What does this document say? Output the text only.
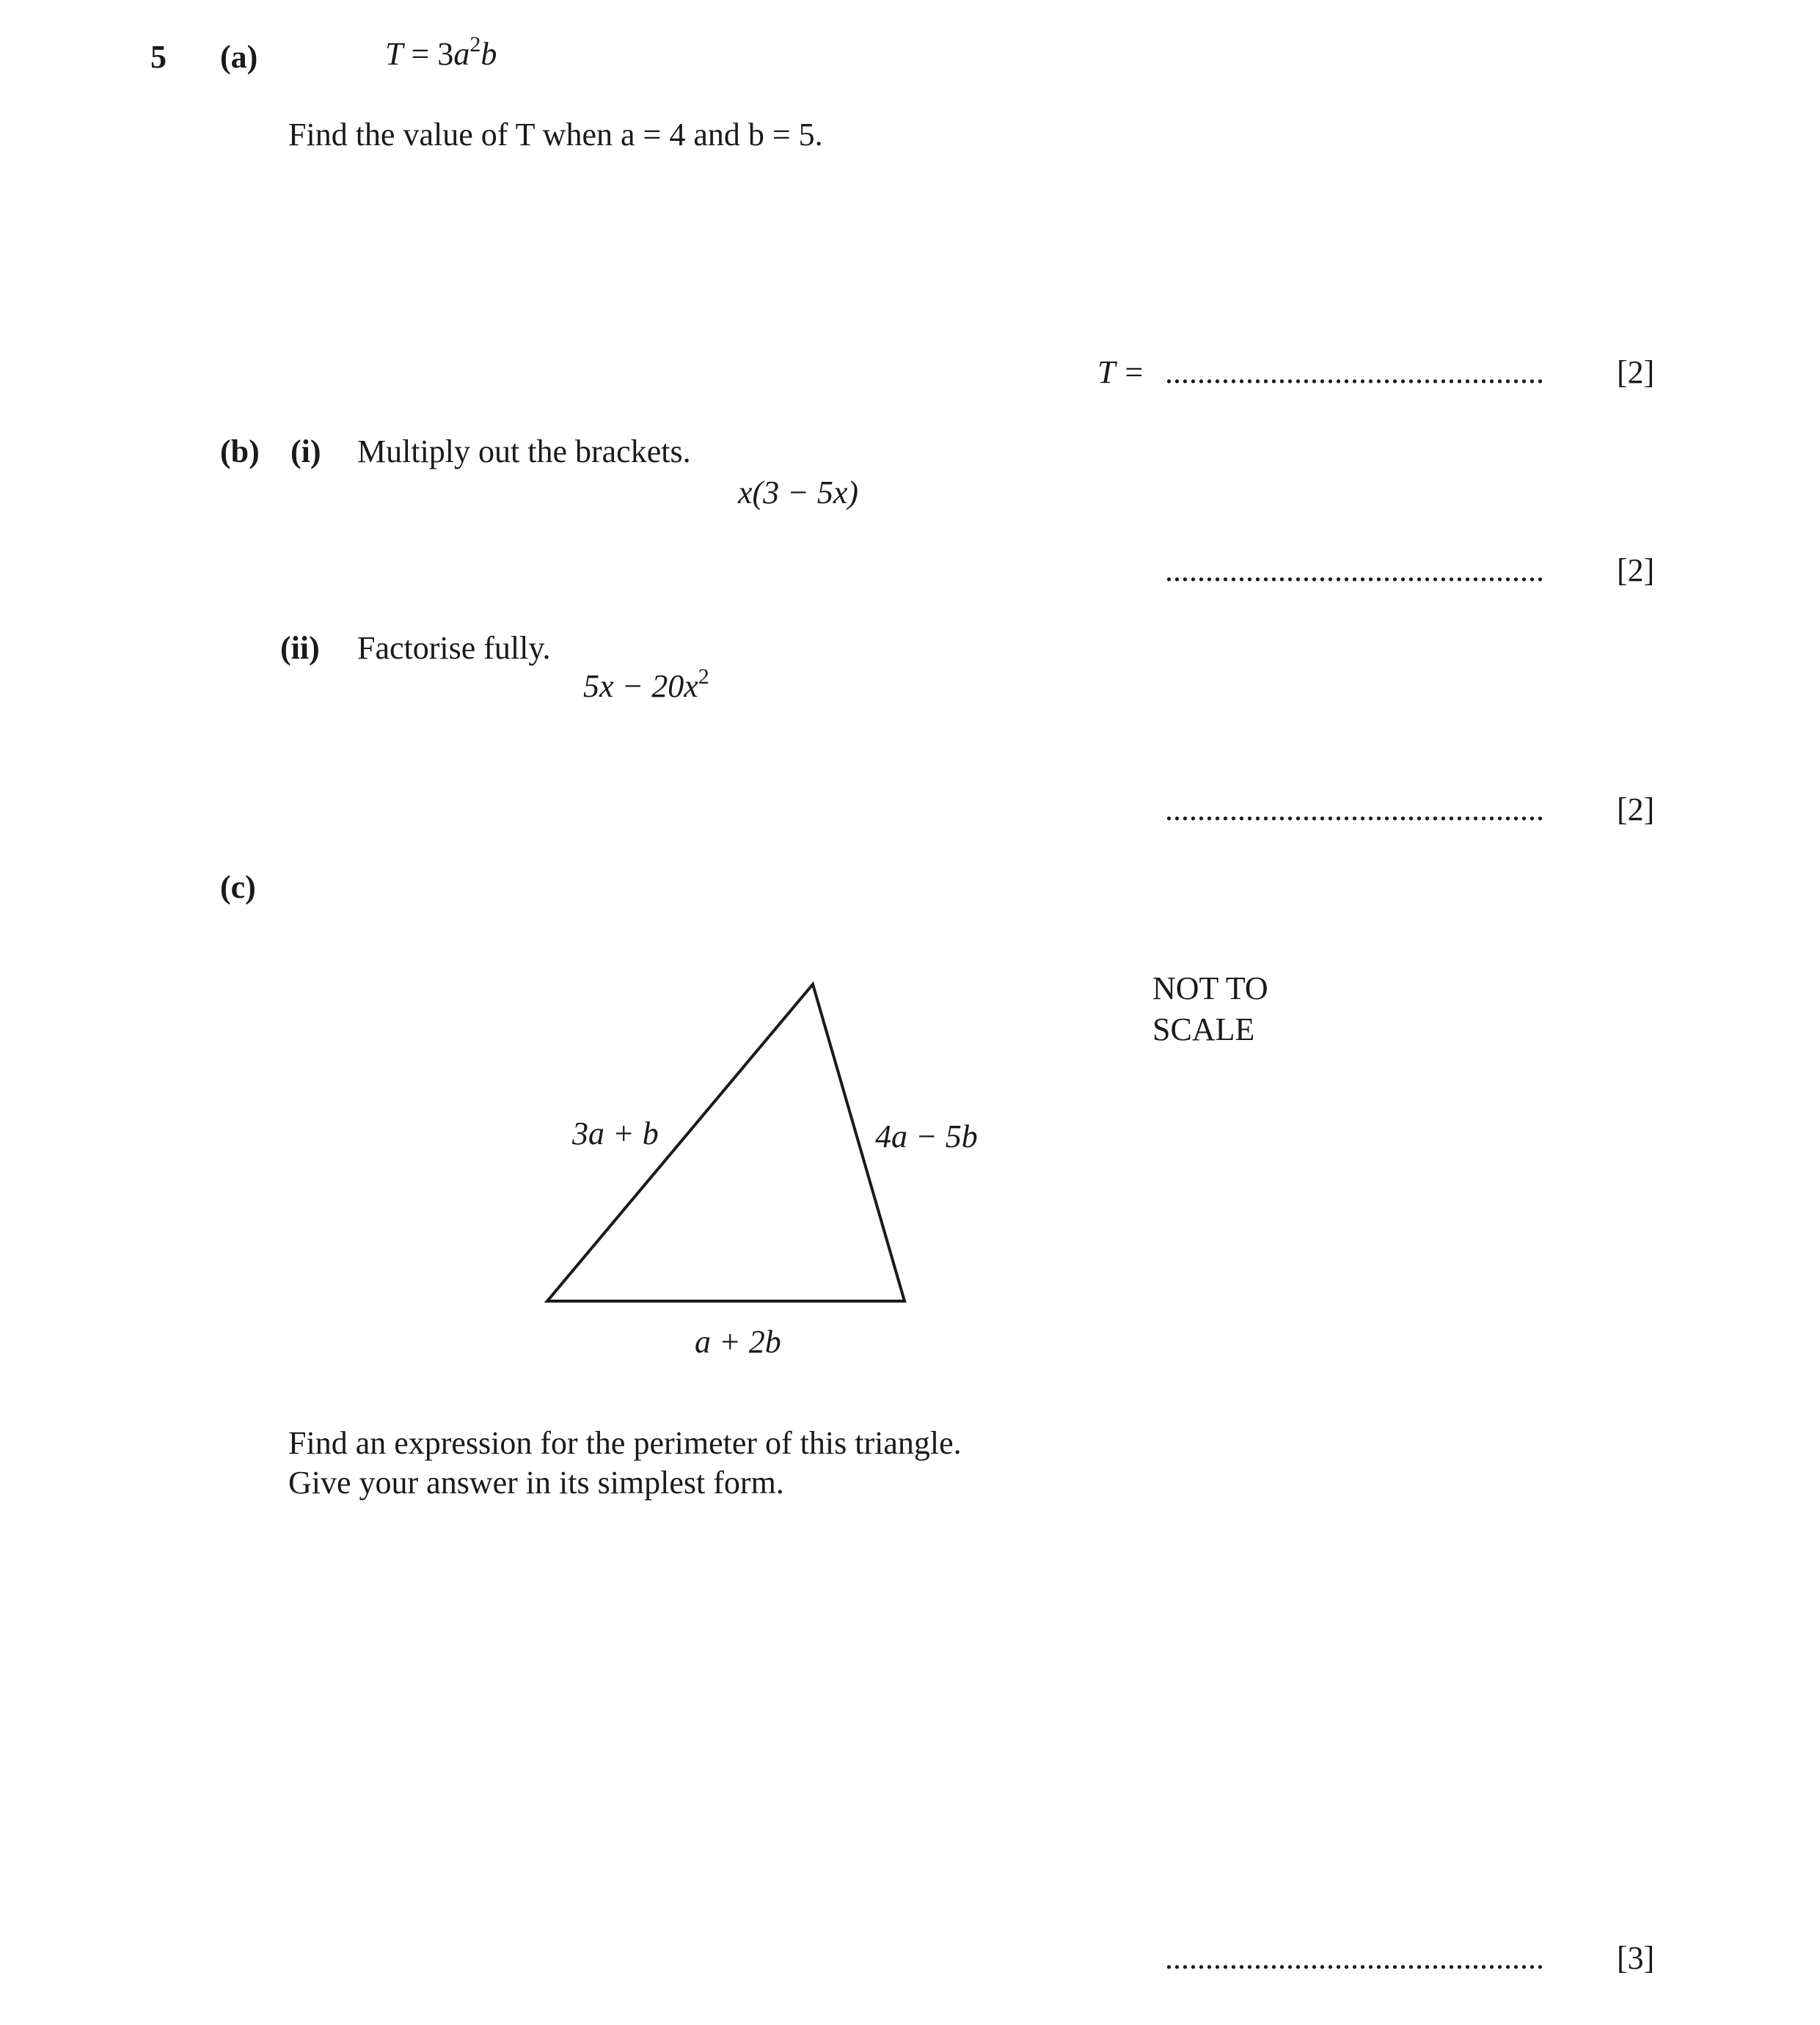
5 (a)	$T = 3a^2b$
Find the value of T when a = 4 and b = 5.
T = ............................................... [2]
(b) (i) Multiply out the brackets.
x(3 − 5x)
............................................... [2]
(ii) Factorise fully.
$5x - 20x^2$
............................................... [2]
(c)
NOT TO
SCALE
3a + b	4a − 5b
a + 2b
Find an expression for the perimeter of this triangle.
Give your answer in its simplest form.
............................................... [3]
